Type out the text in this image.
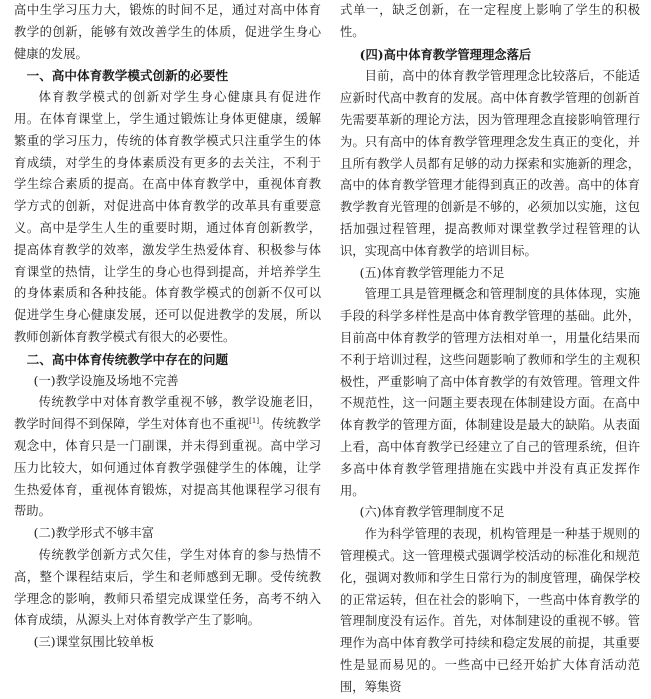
高中生学习压力大，锻炼的时间不足，通过对高中体育教学的创新，能够有效改善学生的体质，促进学生身心健康的发展。

一、高中体育教学模式创新的必要性

体育教学模式的创新对学生身心健康具有促进作用。在体育课堂上，学生通过锻炼让身体更健康，缓解繁重的学习压力，传统的体育教学模式只注重学生的体育成绩，对学生的身体素质没有更多的去关注，不利于学生综合素质的提高。在高中体育教学中，重视体育教学方式的创新，对促进高中体育教学的改革具有重要意义。高中是学生人生的重要时期，通过体育创新教学，提高体育教学的效率，激发学生热爱体育、积极参与体育课堂的热情，让学生的身心也得到提高，并培养学生的身体素质和各种技能。体育教学模式的创新不仅可以促进学生身心健康发展，还可以促进教学的发展，所以教师创新体育教学模式有很大的必要性。

二、高中体育传统教学中存在的问题
(一)教学设施及场地不完善

传统教学中对体育教学重视不够，教学设施老旧，教学时间得不到保障，学生对体育也不重视[1]。传统教学观念中，体育只是一门副课，并未得到重视。高中学习压力比较大，如何通过体育教学强健学生的体魄，让学生热爱体育，重视体育锻炼，对提高其他课程学习很有帮助。

(二)教学形式不够丰富

传统教学创新方式欠佳，学生对体育的参与热情不高，整个课程结束后，学生和老师感到无聊。受传统教学理念的影响，教师只希望完成课堂任务，高考不纳入体育成绩，从源头上对体育教学产生了影响。

(三)课堂氛围比较单板

式单一，缺乏创新，在一定程度上影响了学生的积极性。

(四)高中体育教学管理理念落后

目前，高中的体育教学管理理念比较落后，不能适应新时代高中教育的发展。高中体育教学管理的创新首先需要革新的理论方法，因为管理理念直接影响管理行为。只有高中的体育教学管理理念发生真正的变化，并且所有教学人员都有足够的动力探索和实施新的理念，高中的体育教学管理才能得到真正的改善。高中的体育教学教育光管理的创新是不够的，必须加以实施，这包括加强过程管理，提高教师对课堂教学过程管理的认识，实现高中体育教学的培训目标。

(五)体育教学管理能力不足

管理工具是管理概念和管理制度的具体体现，实施手段的科学多样性是高中体育教学管理的基础。此外，目前高中体育教学的管理方法相对单一，用量化结果而不利于培训过程，这些问题影响了教师和学生的主观积极性，严重影响了高中体育教学的有效管理。管理文件不规范性，这一问题主要表现在体制建设方面。在高中体育教学的管理方面，体制建设是最大的缺陷。从表面上看，高中体育教学已经建立了自己的管理系统，但许多高中体育教学管理措施在实践中并没有真正发挥作用。

(六)体育教学管理制度不足

作为科学管理的表现，机构管理是一种基于规则的管理模式。这一管理模式强调学校活动的标准化和规范化，强调对教师和学生日常行为的制度管理，确保学校的正常运转，但在社会的影响下，一些高中体育教学的管理制度没有运作。首先，对体制建设的重视不够。管理作为高中体育教学可持续和稳定发展的前提，其重要性是显而易见的。一些高中已经开始扩大体育活动范围，筹集资
